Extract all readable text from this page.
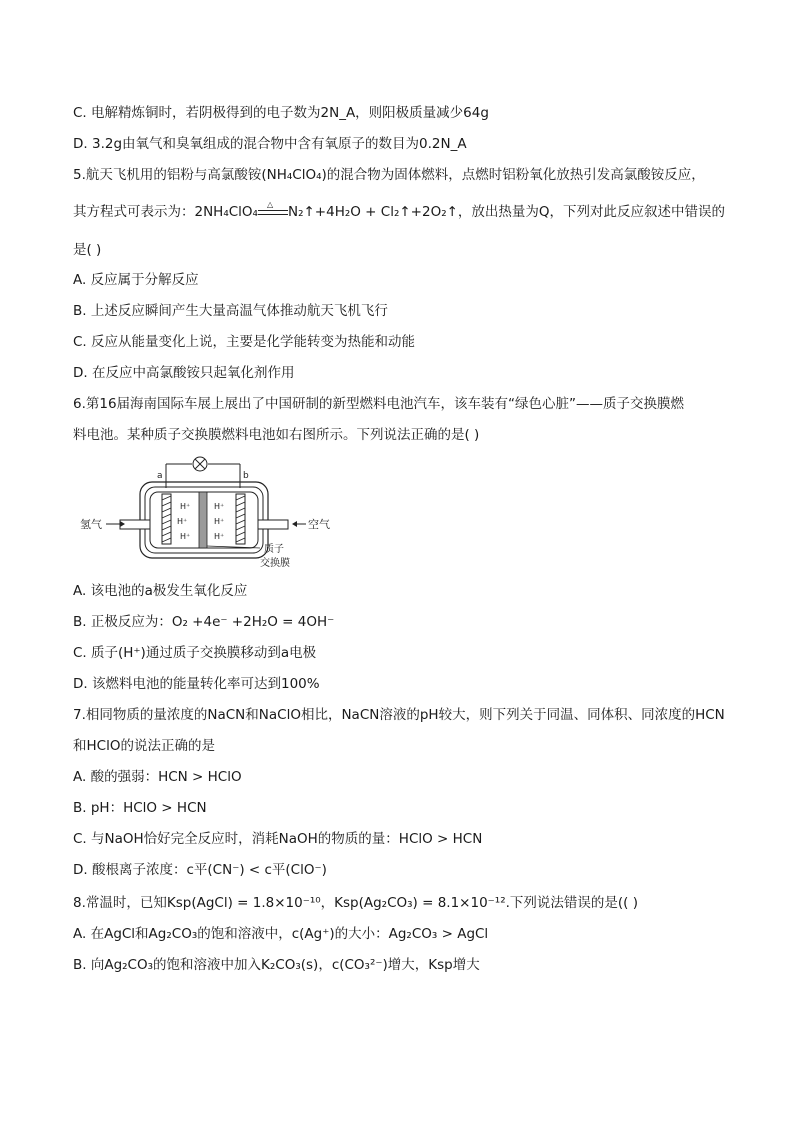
C. 电解精炼铜时，若阴极得到的电子数为2N_A，则阳极质量减少64g
D. 3.2g由氧气和臭氧组成的混合物中含有氧原子的数目为0.2N_A
5.航天飞机用的铝粉与高氯酸铵(NH₄ClO₄)的混合物为固体燃料，点燃时铝粉氧化放热引发高氯酸铵反应，
其方程式可表示为：2NH₄ClO₄ △ N₂↑+4H₂O + Cl₂↑+2O₂↑，放出热量为Q，下列对此反应叙述中错误的
是( )
A. 反应属于分解反应
B. 上述反应瞬间产生大量高温气体推动航天飞机飞行
C. 反应从能量变化上说，主要是化学能转变为热能和动能
D. 在反应中高氯酸铵只起氧化剂作用
6.第16届海南国际车展上展出了中国研制的新型燃料电池汽车，该车装有“绿色心脏”——质子交换膜燃
料电池。某种质子交换膜燃料电池如右图所示。下列说法正确的是( )
a	b
H⁺
H⁺
H⁺
H⁺
H⁺
H⁺
氢气	空气
质子
交换膜
A. 该电池的a极发生氧化反应
B. 正极反应为：O₂ +4e⁻ +2H₂O = 4OH⁻
C. 质子(H⁺)通过质子交换膜移动到a电极
D. 该燃料电池的能量转化率可达到100%
7.相同物质的量浓度的NaCN和NaClO相比，NaCN溶液的pH较大，则下列关于同温、同体积、同浓度的HCN
和HClO的说法正确的是
A. 酸的强弱：HCN > HClO
B. pH：HClO > HCN
C. 与NaOH恰好完全反应时，消耗NaOH的物质的量：HClO > HCN
D. 酸根离子浓度：c平(CN⁻) < c平(ClO⁻)
8.常温时，已知Ksp(AgCl) = 1.8×10⁻¹⁰，Ksp(Ag₂CO₃) = 8.1×10⁻¹².下列说法错误的是(( )
A. 在AgCl和Ag₂CO₃的饱和溶液中，c(Ag⁺)的大小：Ag₂CO₃ > AgCl
B. 向Ag₂CO₃的饱和溶液中加入K₂CO₃(s)，c(CO₃²⁻)增大，Ksp增大
